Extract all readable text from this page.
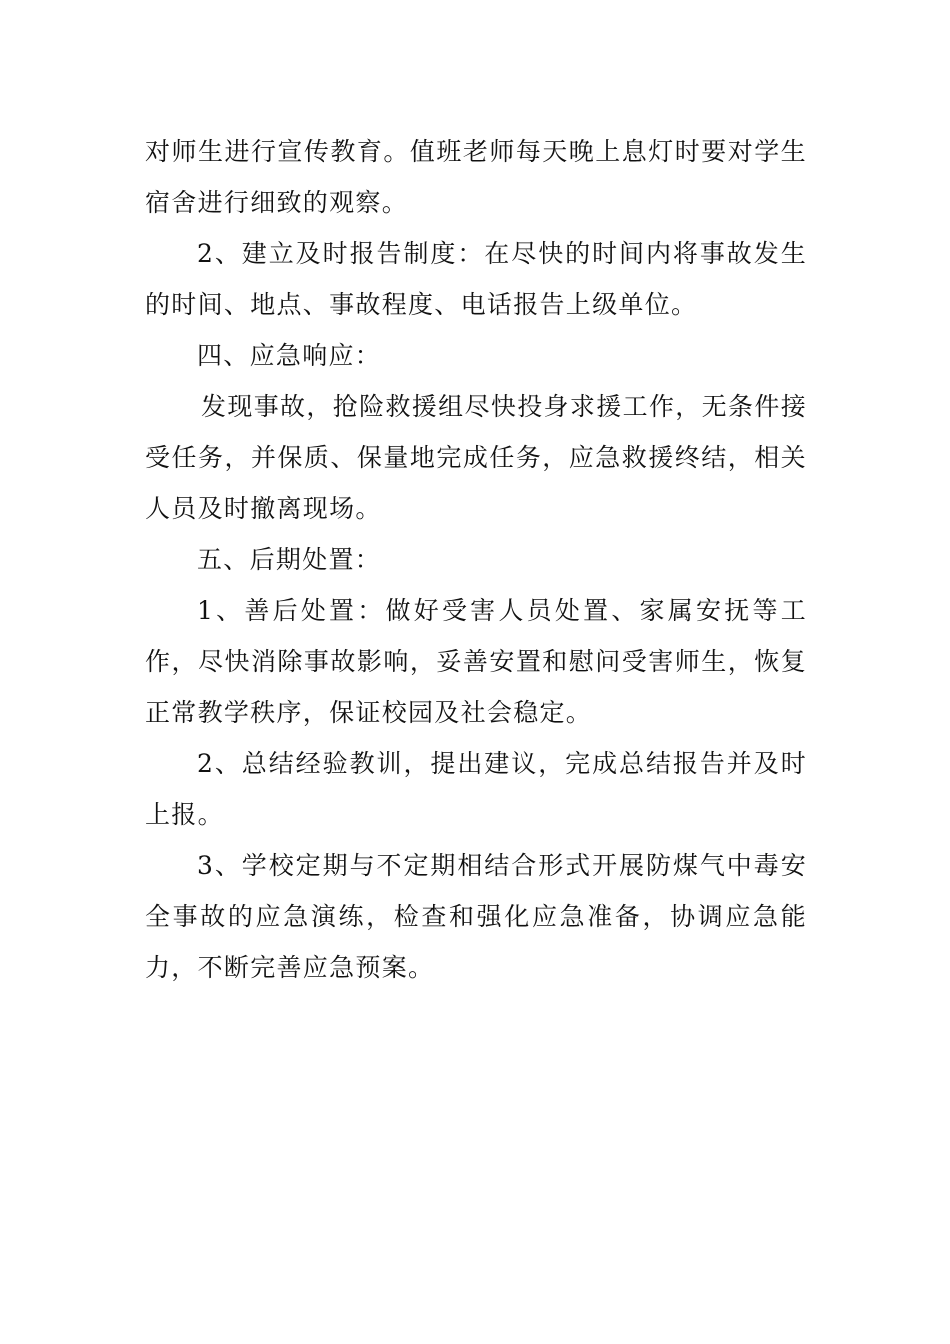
对师生进行宣传教育。值班老师每天晚上息灯时要对学生宿舍进行细致的观察。

2、建立及时报告制度：在尽快的时间内将事故发生的时间、地点、事故程度、电话报告上级单位。

四、应急响应：

发现事故，抢险救援组尽快投身求援工作，无条件接受任务，并保质、保量地完成任务，应急救援终结，相关人员及时撤离现场。

五、后期处置：

1、善后处置：做好受害人员处置、家属安抚等工作，尽快消除事故影响，妥善安置和慰问受害师生，恢复正常教学秩序，保证校园及社会稳定。

2、总结经验教训，提出建议，完成总结报告并及时上报。

3、学校定期与不定期相结合形式开展防煤气中毒安全事故的应急演练，检查和强化应急准备，协调应急能力，不断完善应急预案。
